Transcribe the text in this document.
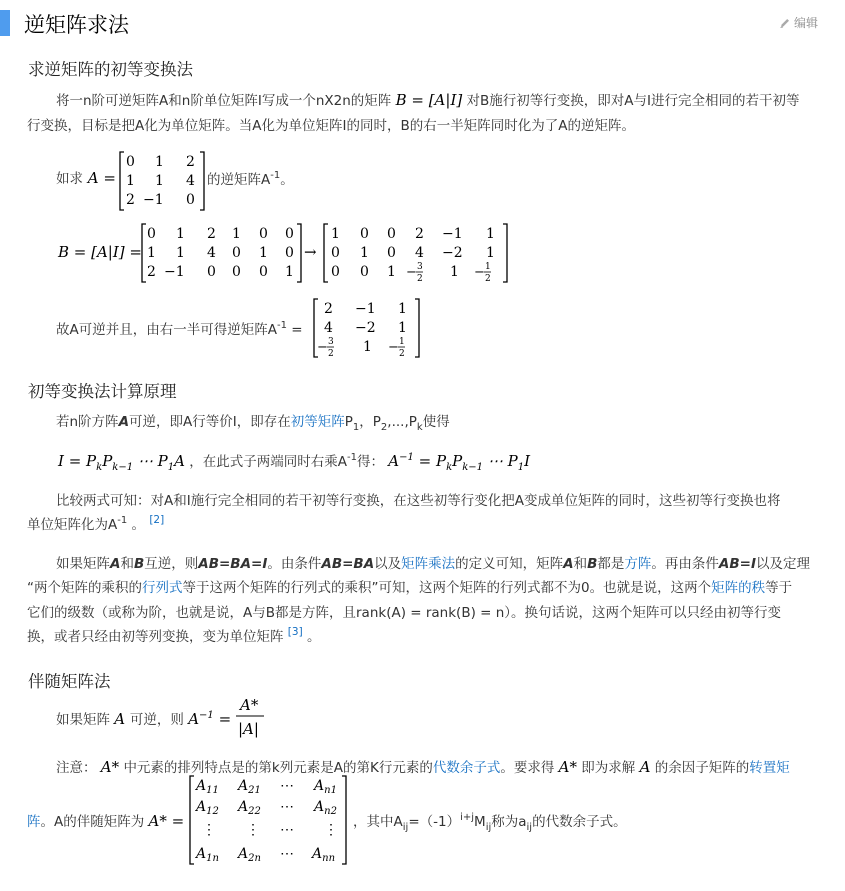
逆矩阵求法	编辑
求逆矩阵的初等变换法
将一n阶可逆矩阵A和n阶单位矩阵I写成一个nX2n的矩阵 B = [A|I] 对B施行初等行变换，即对A与I进行完全相同的若干初等
行变换，目标是把A化为单位矩阵。当A化为单位矩阵I的同时，B的右一半矩阵同时化为了A的逆矩阵。
如求 A =
0 1 2
1 1 4
2 −1 0
的逆矩阵$A^{-1}$。
B = [A|I] =
0 1 2 1 0 0
1 1 4 0 1 0
2 −1 0 0 0 1
→
1 0 0 2 −1 1
0 1 0 4 −2 1
0 0 1 − 3
2 1 − 1
2
故A可逆并且，由右一半可得逆矩阵$A^{-1}$ =
2 −1 1
4 −2 1
− 3
2 1 − 1
2
初等变换法计算原理
若n阶方阵A可逆，即A行等价I，即存在初等矩阵$P_1$，$P_2,...,P_k$使得
$I = P_kP_{k-1}$ ⋯ $P_1A$ ，在此式子两端同时右乘$A^{-1}$得： $A^{-1} = P_kP_{k-1}$ ⋯ $P_1I$
比较两式可知：对A和I施行完全相同的若干初等行变换，在这些初等行变化把A变成单位矩阵的同时，这些初等行变换也将
单位矩阵化为$A^{-1}$ 。 [2]
如果矩阵A和B互逆，则AB=BA=I。由条件AB=BA以及矩阵乘法的定义可知，矩阵A和B都是方阵。再由条件AB=I以及定理
“两个矩阵的乘积的行列式等于这两个矩阵的行列式的乘积”可知，这两个矩阵的行列式都不为0。也就是说，这两个矩阵的秩等于
它们的级数（或称为阶，也就是说，A与B都是方阵，且rank(A) = rank(B) = n）。换句话说，这两个矩阵可以只经由初等行变
换，或者只经由初等列变换，变为单位矩阵 [3] 。
伴随矩阵法
如果矩阵 A 可逆，则 $A^{-1}$ =
A*
|A|
注意： A* 中元素的排列特点是的第k列元素是A的第K行元素的代数余子式。要求得 A* 即为求解 A 的余因子矩阵的转置矩
阵。A的伴随矩阵为 A* =
$A_{11}$ $A_{21}$ ⋯ $A_{n1}$
$A_{12}$ $A_{22}$ ⋯ $A_{n2}$
⋮ ⋮ ⋯ ⋮
$A_{1n}$ $A_{2n}$ ⋯ $A_{nn}$
，其中$A_{ij}=(-1)^{i+j}M_{ij}$称为$a_{ij}$的代数余子式。
